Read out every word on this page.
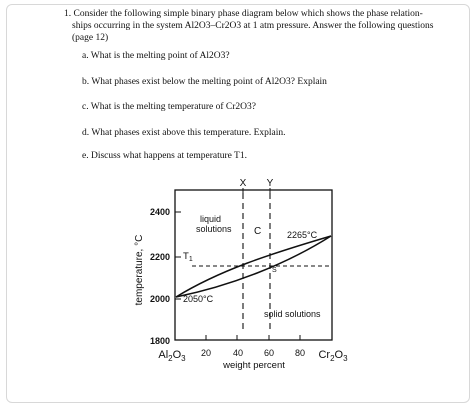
1. Consider the following simple binary phase diagram below which shows the phase relation-
ships occurring in the system Al2O3–Cr2O3 at 1 atm pressure. Answer the following questions
(page 12)
a. What is the melting point of Al2O3?
b. What phases exist below the melting point of Al2O3? Explain
c. What is the melting temperature of Cr2O3?
d. What phases exist above this temperature. Explain.
e. Discuss what happens at temperature T1.
1800
2000
2200
2400
temperature, °C
20 40 60 80
$Al_2O_3$	$Cr_2O_3$
weight percent
X Y
liquid
solutions C
S
2265°C
2050°C
solid solutions
$T_1$
